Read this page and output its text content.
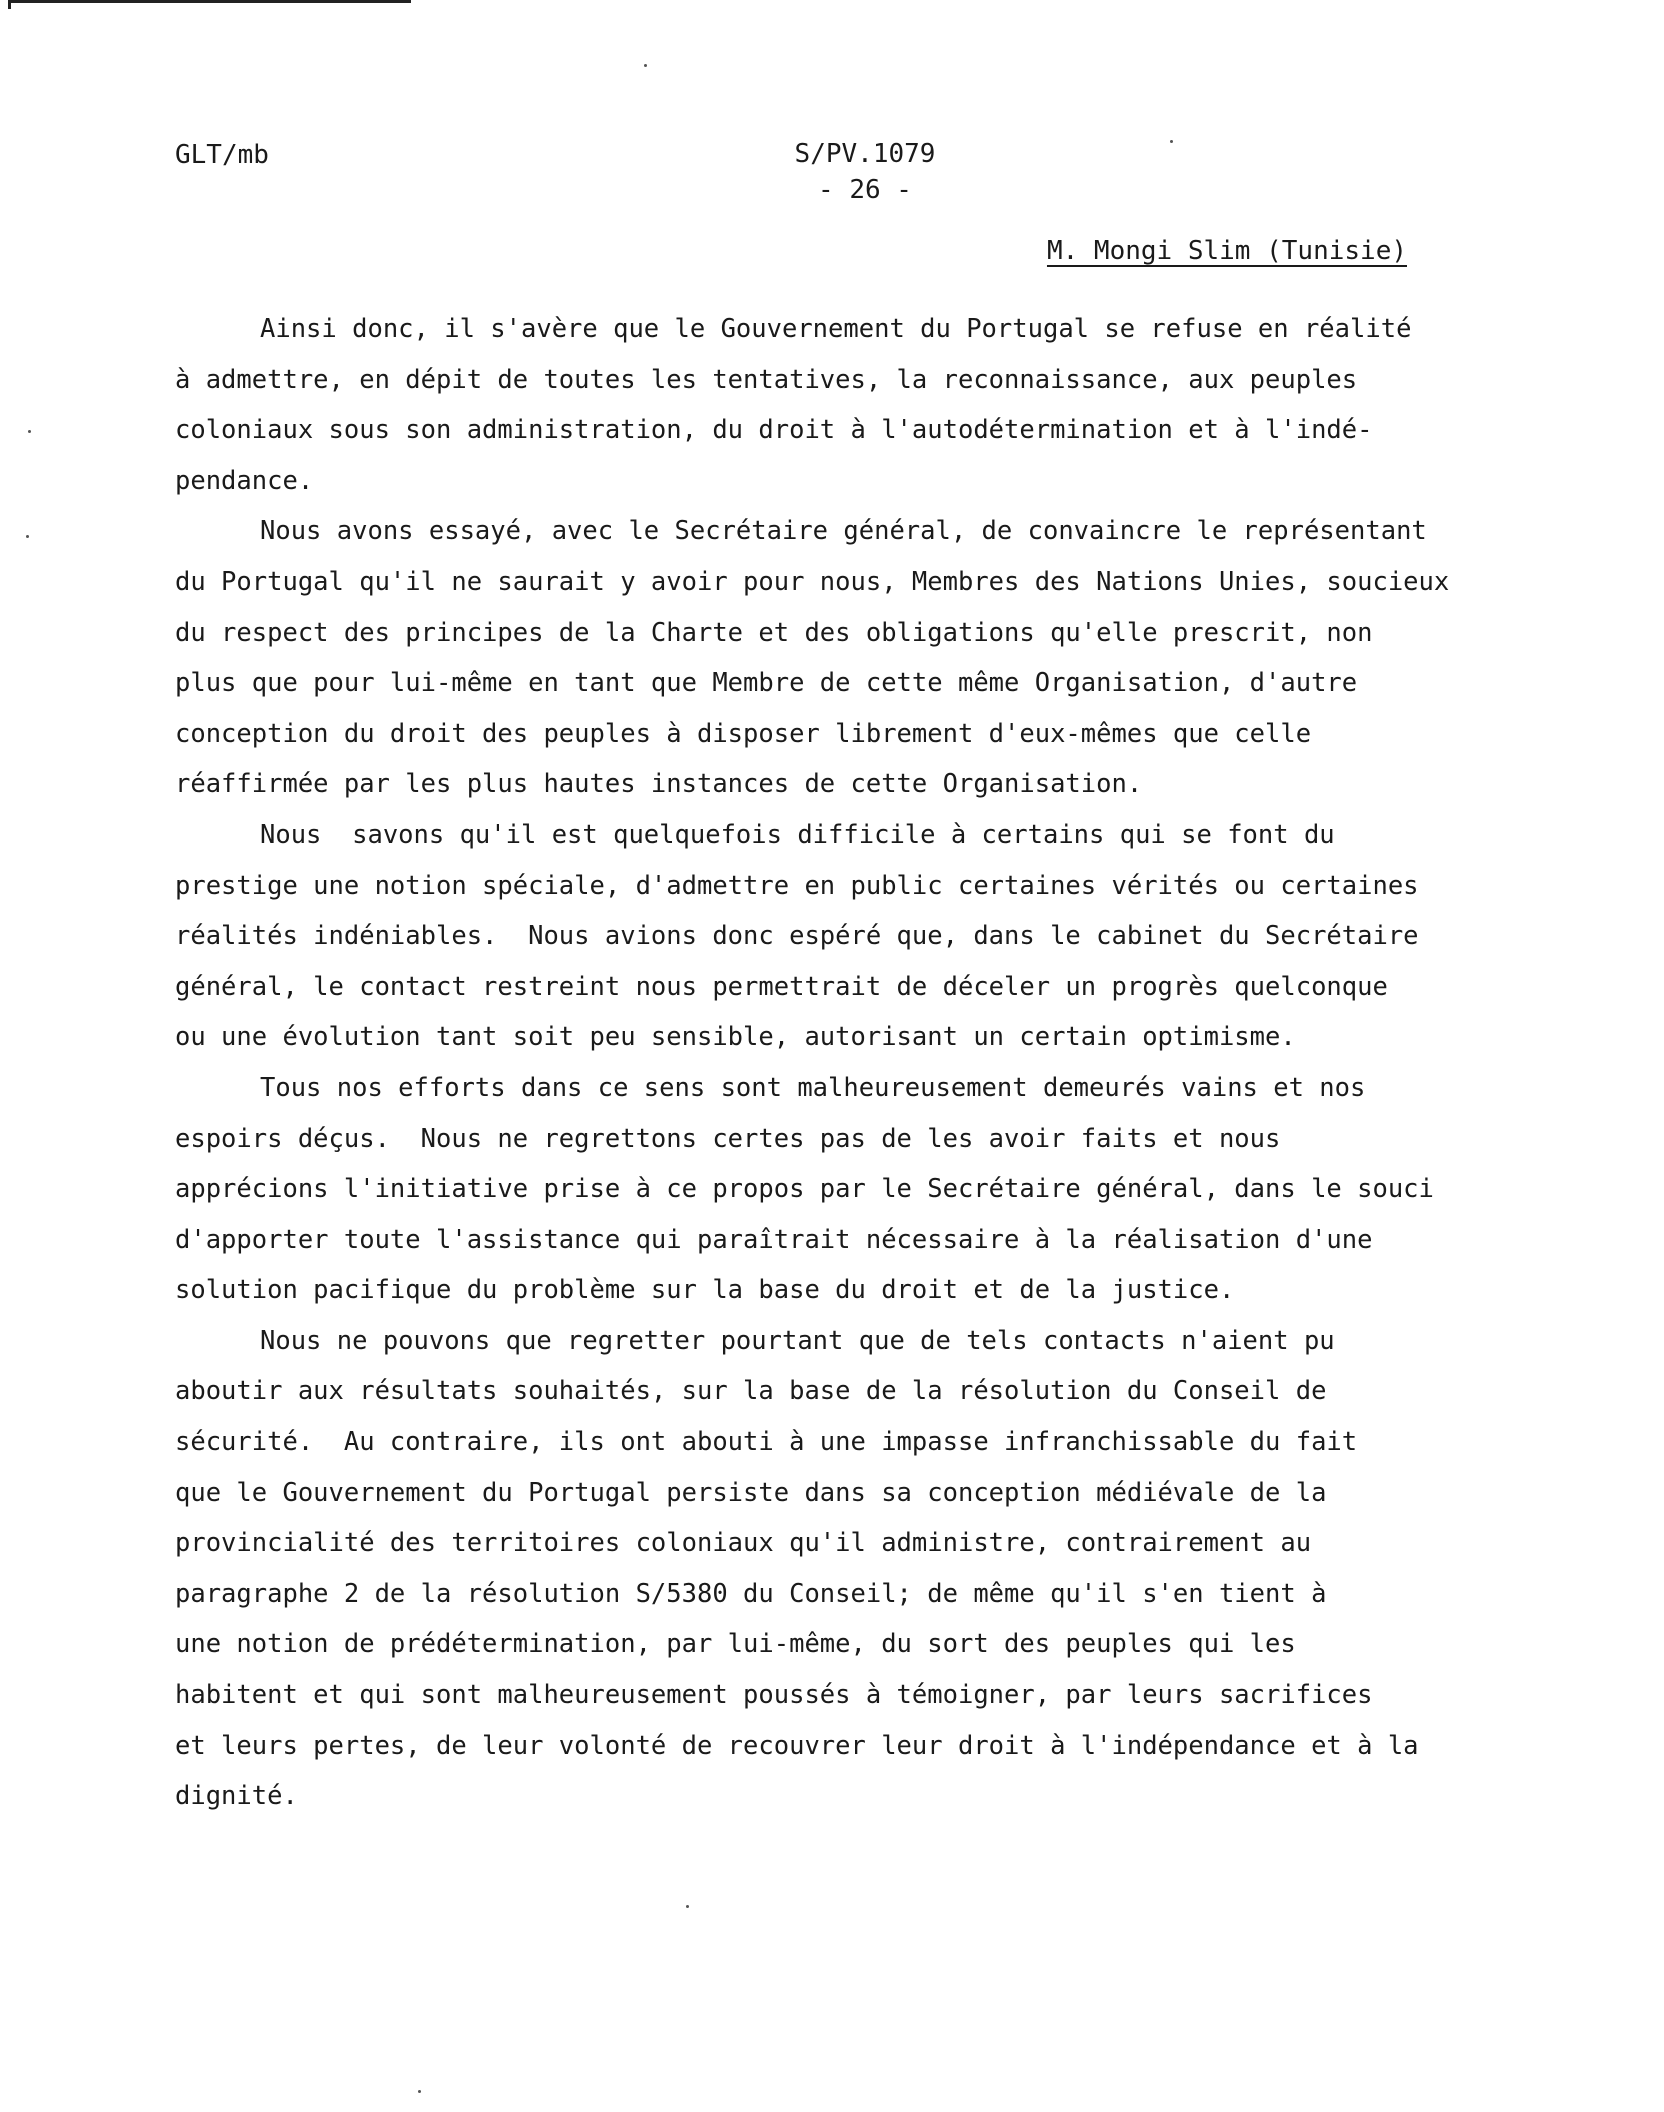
GLT/mb	S/PV.1079
- 26 -
M. Mongi Slim (Tunisie)
Ainsi donc, il s'avère que le Gouvernement du Portugal se refuse en réalité
à admettre, en dépit de toutes les tentatives, la reconnaissance, aux peuples
coloniaux sous son administration, du droit à l'autodétermination et à l'indé-
pendance.
Nous avons essayé, avec le Secrétaire général, de convaincre le représentant
du Portugal qu'il ne saurait y avoir pour nous, Membres des Nations Unies, soucieux
du respect des principes de la Charte et des obligations qu'elle prescrit, non
plus que pour lui-même en tant que Membre de cette même Organisation, d'autre
conception du droit des peuples à disposer librement d'eux-mêmes que celle
réaffirmée par les plus hautes instances de cette Organisation.
Nous  savons qu'il est quelquefois difficile à certains qui se font du
prestige une notion spéciale, d'admettre en public certaines vérités ou certaines
réalités indéniables.  Nous avions donc espéré que, dans le cabinet du Secrétaire
général, le contact restreint nous permettrait de déceler un progrès quelconque
ou une évolution tant soit peu sensible, autorisant un certain optimisme.
Tous nos efforts dans ce sens sont malheureusement demeurés vains et nos
espoirs déçus.  Nous ne regrettons certes pas de les avoir faits et nous
apprécions l'initiative prise à ce propos par le Secrétaire général, dans le souci
d'apporter toute l'assistance qui paraîtrait nécessaire à la réalisation d'une
solution pacifique du problème sur la base du droit et de la justice.
Nous ne pouvons que regretter pourtant que de tels contacts n'aient pu
aboutir aux résultats souhaités, sur la base de la résolution du Conseil de
sécurité.  Au contraire, ils ont abouti à une impasse infranchissable du fait
que le Gouvernement du Portugal persiste dans sa conception médiévale de la
provincialité des territoires coloniaux qu'il administre, contrairement au
paragraphe 2 de la résolution S/5380 du Conseil; de même qu'il s'en tient à
une notion de prédétermination, par lui-même, du sort des peuples qui les
habitent et qui sont malheureusement poussés à témoigner, par leurs sacrifices
et leurs pertes, de leur volonté de recouvrer leur droit à l'indépendance et à la
dignité.
